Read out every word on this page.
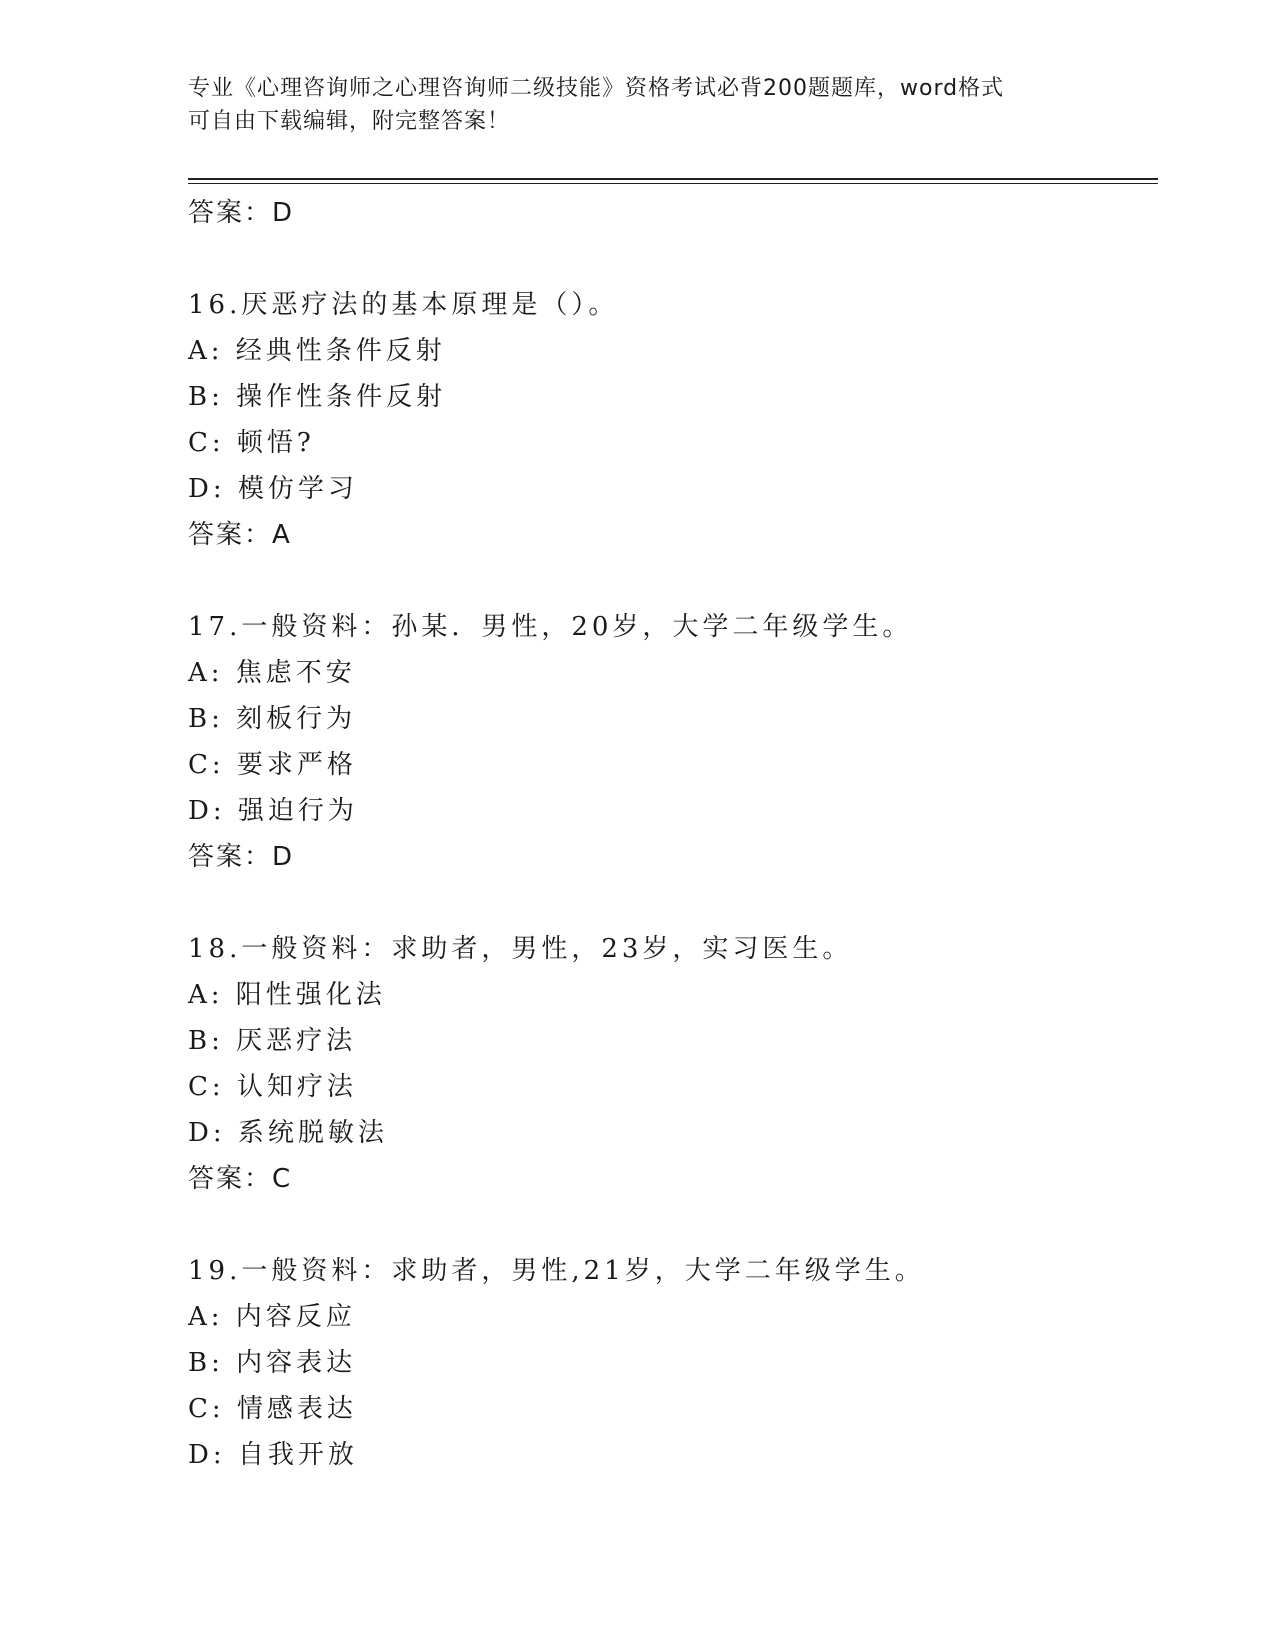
专业《心理咨询师之心理咨询师二级技能》资格考试必背200题题库，word格式
可自由下载编辑，附完整答案！
答案：D
16.厌恶疗法的基本原理是（）。
A: 经典性条件反射
B: 操作性条件反射
C: 顿悟?
D: 模仿学习
答案：A
17.一般资料：孙某．男性，20岁，大学二年级学生。
A: 焦虑不安
B: 刻板行为
C: 要求严格
D: 强迫行为
答案：D
18.一般资料：求助者，男性，23岁，实习医生。
A: 阳性强化法
B: 厌恶疗法
C: 认知疗法
D: 系统脱敏法
答案：C
19.一般资料：求助者，男性,21岁，大学二年级学生。
A: 内容反应
B: 内容表达
C: 情感表达
D: 自我开放
